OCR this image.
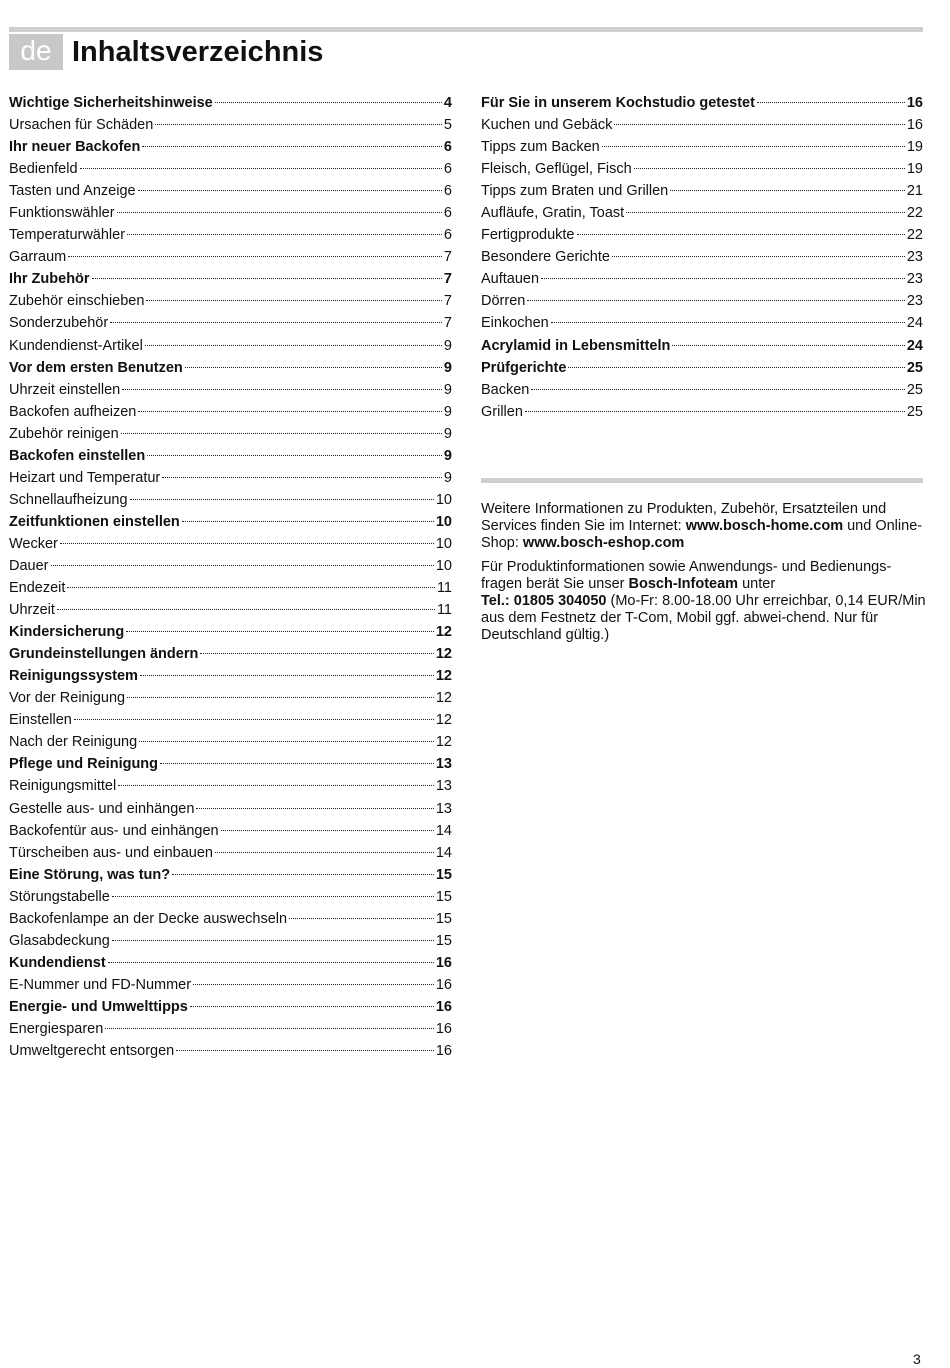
de Inhaltsverzeichnis
Wichtige Sicherheitshinweise	4
Ursachen für Schäden	5
Ihr neuer Backofen	6
Bedienfeld	6
Tasten und Anzeige	6
Funktionswähler	6
Temperaturwähler	6
Garraum	7
Ihr Zubehör	7
Zubehör einschieben	7
Sonderzubehör	7
Kundendienst-Artikel	9
Vor dem ersten Benutzen	9
Uhrzeit einstellen	9
Backofen aufheizen	9
Zubehör reinigen	9
Backofen einstellen	9
Heizart und Temperatur	9
Schnellaufheizung	10
Zeitfunktionen einstellen	10
Wecker	10
Dauer	10
Endezeit	11
Uhrzeit	11
Kindersicherung	12
Grundeinstellungen ändern	12
Reinigungssystem	12
Vor der Reinigung	12
Einstellen	12
Nach der Reinigung	12
Pflege und Reinigung	13
Reinigungsmittel	13
Gestelle aus- und einhängen	13
Backofentür aus- und einhängen	14
Türscheiben aus- und einbauen	14
Eine Störung, was tun?	15
Störungstabelle	15
Backofenlampe an der Decke auswechseln	15
Glasabdeckung	15
Kundendienst	16
E-Nummer und FD-Nummer	16
Energie- und Umwelttipps	16
Energiesparen	16
Umweltgerecht entsorgen	16
Für Sie in unserem Kochstudio getestet	16
Kuchen und Gebäck	16
Tipps zum Backen	19
Fleisch, Geflügel, Fisch	19
Tipps zum Braten und Grillen	21
Aufläufe, Gratin, Toast	22
Fertigprodukte	22
Besondere Gerichte	23
Auftauen	23
Dörren	23
Einkochen	24
Acrylamid in Lebensmitteln	24
Prüfgerichte	25
Backen	25
Grillen	25
Weitere Informationen zu Produkten, Zubehör, Ersatzteilen und Services finden Sie im Internet: www.bosch-home.com und Online-Shop: www.bosch-eshop.com
Für Produktinformationen sowie Anwendungs- und Bedienungs-fragen berät Sie unser Bosch-Infoteam unter
Tel.: 01805 304050 (Mo-Fr: 8.00-18.00 Uhr erreichbar, 0,14 EUR/Min aus dem Festnetz der T-Com, Mobil ggf. abwei-chend. Nur für Deutschland gültig.)
3
